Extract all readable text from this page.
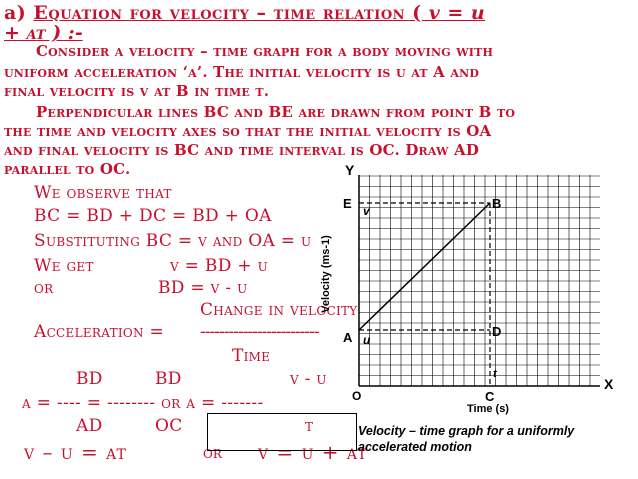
a) Equation for velocity – time relation ( v = u
+ at ) :-
Consider a velocity – time graph for a body moving with
uniform acceleration ‘a’. The initial velocity is u at A and
final velocity is v at B in time t.
Perpendicular lines BC and BE are drawn from point B to
the time and velocity axes so that the initial velocity is OA
and final velocity is BC and time interval is OC. Draw AD
parallel to OC.
We observe that
BC = BD + DC = BD + OA
Substituting BC = v and OA = u
We get	v = BD + u
or	BD = v - u
Change in velocity
Acceleration = -------------------------
Time
BD	BD	v - u
a = ---- = -------- or a = -------
AD	OC	t
v – u = at	or v = u + at
Y
X
O
E v	B
A u
D
C
t
Time (s)
Velocity (ms-1)
Velocity – time graph for a uniformly
accelerated motion
